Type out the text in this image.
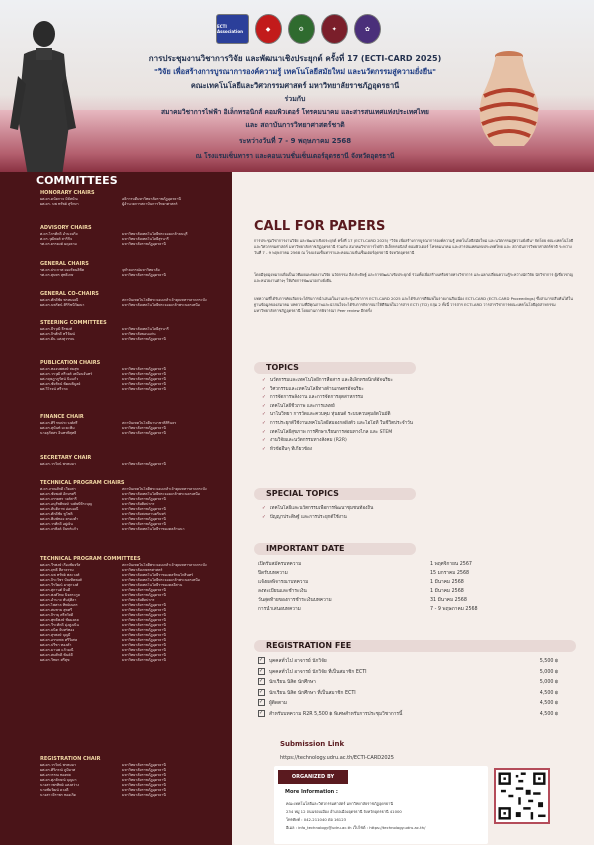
ECTI Association	◆	⚙	✦	✿
การประชุมงานวิชาการวิจัย และพัฒนาเชิงประยุกต์ ครั้งที่ 17 (ECTI-CARD 2025)
"วิจัย เพื่อสร้างการบูรณาการองค์ความรู้ เทคโนโลยีสมัยใหม่ และนวัตกรรมสู่ความยั่งยืน"
คณะเทคโนโลยีและวิศวกรรมศาสตร์ มหาวิทยาลัยราชภัฏอุดรธานี
ร่วมกับ
สมาคมวิชาการไฟฟ้า อิเล็กทรอนิกส์ คอมพิวเตอร์ โทรคมนาคม และสารสนเทศแห่งประเทศไทย
และ สถาบันการวิทยาศาสตร์ชาติ
ระหว่างวันที่ 7 - 9 พฤษภาคม 2568
ณ โรงแรมเซ็นทารา และคอนเวนชั่นเซ็นเตอร์อุดรธานี จังหวัดอุดรธานี
COMMITTEES
HONORARY CHAIRS
ผศ.ดร.ดนัยกาจ มิลัสบัณ	อธิการบดีมหาวิทยาลัยราชภัฏอุดรธานี
ผศ.ดร. นพ ทรัพย์ สุรักษา	ผู้อำนวยการสถาบันการวิทยาศาสตร์
ADVISORY CHAIRS
ศ.ดร.ไกรศักดิ์ อำนวยกิจ	มหาวิทยาลัยเทคโนโลยีพระจอมเกล้าธนบุรี
ศ.ดร.วุฒิพงศ์ สาริกิจ	มหาวิทยาลัยเทคโนโลยีสุรนารี
รศ.ดร.ยรรยงค์ ผดุงธาม	มหาวิทยาลัยราชภัฏอุดรธานี
GENERAL CHAIRS
รศ.ดร.ประกาศ ยองรัตนลิขิต	จุฬาลงกรณ์มหาวิทยาลัย
รศ.ดร.สุนทร สุทธิเกษ	มหาวิทยาลัยราชภัฏอุดรธานี
GENERAL CO-CHAIRS
ผศ.ดร.ศักดิ์ชัย พรหมมณี	สถาบันเทคโนโลยีพระจอมเกล้าเจ้าคุณทหารลาดกระบัง
ผศ.ดร.นพรัตน์ ศิริรัชนีวัฒนา	มหาวิทยาลัยเทคโนโลยีพระจอมเกล้าพระนครเหนือ
STEERING COMMITTEES
ผศ.ดร.ธีรวุฒิ ธีรพงศ์	มหาวิทยาลัยเทคโนโลยีสุรนารี
ผศ.ดร.จิรศักดิ์ ทวีวัฒน์	มหาวิทยาลัยขอนแก่น
ผศ.ดร.ยัน แสงสุวรรณ	มหาวิทยาลัยราชภัฏอุดรธานี
PUBLICATION CHAIRS
ผศ.ดร.ทองนพพงษ์ สมสุข	มหาวิทยาลัยราชภัฏอุดรธานี
ผศ.ดร.วรวุฒิ ศรีวงศ์ เหมือนจันทร์	มหาวิทยาลัยราชภัฏอุดรธานี
ผศ.กฤษฎาภูรัตน์ นิ่มแก้ว	มหาวิทยาลัยราชภัฏอุดรธานี
ผศ.ดร.ชัยรัตน์ พัฒนพิบูลย์	มหาวิทยาลัยราชภัฏอุดรธานี
ผศ.วิโรจน์ ศรีวาด	มหาวิทยาลัยราชภัฏอุดรธานี
FINANCE CHAIR
ผศ.ดร.ศิริ ทบประวงค์ศรี	สถาบันเทคโนโลยีนานาชาติสิรินธร
ผศ.ดร.สุนันท์ มะยะพิม	มหาวิทยาลัยราชภัฏอุดรธานี
นางสุภัสสร อินทรพิสุทธิ์	มหาวิทยาลัยราชภัฏอุดรธานี
SECRETARY CHAIR
ผศ.ดร.วรวัจน์ พรหมมา	มหาวิทยาลัยราชภัฏอุดรธานี
TECHNICAL PROGRAM CHAIRS
ศ.ดร.ภรณศักดิ์ เวียงสา	สถาบันเทคโนโลยีพระจอมเกล้าเจ้าคุณทหารลาดกระบัง
ผศ.ดร.ชัยพงศ์ อักษรศรี	มหาวิทยาลัยเทคโนโลยีพระจอมเกล้าพระนครเหนือ
ผศ.ดร.จรรยพร วงศ์สารี	มหาวิทยาลัยราชภัฏอุดรธานี
ผศ.ดร.อนุรัชติพงษ์ วงศ์ษษิจิระบุญ	มหาวิทยาลัยศิลปากร
ผศ.ดร.สันติภาพ อ่อนมณี	มหาวิทยาลัยราชภัฏอุดรธานี
ผศ.ดร.ศักดิ์ชัย ชูโชติ	มหาวิทยาลัยสงขลานครินทร์
ผศ.ดร.พิมพ์ทอง ครองคำ	มหาวิทยาลัยราชภัฏอุดรธานี
ผศ.ดร.วรศักดิ์ อยู่เย็น	มหาวิทยาลัยราชภัฏอุดรธานี
ผศ.ดร.จรพิงค์ จันทร์แก้ว	มหาวิทยาลัยเทคโนโลยีราชมงคลล้านนา
TECHNICAL PROGRAM COMMITTEES
ผศ.ดร.วีรพงษ์ เรืองชัยจรัส	สถาบันเทคโนโลยีพระจอมเกล้าเจ้าคุณทหารลาดกระบัง
ผศ.ดร.ฤทธิ์ สีลาธรรม	มหาวิทยาลัยเกษตรศาสตร์
ผศ.ดร.นพ ทรัพย์ พละวงศ์	มหาวิทยาลัยเทคโนโลยีราชมงคลรัตนโกสินทร์
ผศ.ดร.จิระวัชร บัณฑิตพงศ์	มหาวิทยาลัยเทคโนโลยีพระจอมเกล้าพระนครเหนือ
ผศ.ดร.วีรวัฒน์ ผาสุกวงศ์	มหาวิทยาลัยเทคโนโลยีราชมงคลอีสาน
ผศ.ดร.สุกานต์ ยินดี	มหาวิทยาลัยราชภัฏอุดรธานี
ผศ.ดร.พงศ์ไทย นิจตระกูล	มหาวิทยาลัยราชภัฏอุดรธานี
ผศ.ดร.อำนาจ พันธุ์ศิลา	มหาวิทยาลัยศิลปากร
ผศ.ดร.ไพศาล ทิพย์เนตร	มหาวิทยาลัยราชภัฏอุดรธานี
ผศ.ดร.สมชาย สุขศรี	มหาวิทยาลัยราชภัฏอุดรธานี
ผศ.ดร.จิรายุ ศรีสวัสดิ์	มหาวิทยาลัยราชภัฏอุดรธานี
ผศ.ดร.พุทธิพงษ์ ชัยมงคล	มหาวิทยาลัยราชภัฏอุดรธานี
ผศ.ดร.วีระศักดิ์ มุ่งสูงเนิน	มหาวิทยาลัยราชภัฏอุดรธานี
ผศ.ดร.ธนิต จันทร์ทอง	มหาวิทยาลัยราชภัฏอุดรธานี
ผศ.ดร.สุรพงษ์ บุญมี	มหาวิทยาลัยราชภัฏอุดรธานี
ผศ.ดร.อรรถพล ศรีวิเศษ	มหาวิทยาลัยราชภัฏอุดรธานี
ผศ.ดร.ปรีชา ทองคำ	มหาวิทยาลัยราชภัฏอุดรธานี
ผศ.ดร.มานพ แก้วมณี	มหาวิทยาลัยราชภัฏอุดรธานี
ผศ.ดร.สมศักดิ์ พันธ์ดี	มหาวิทยาลัยราชภัฏอุดรธานี
ผศ.ดร.วิทยา ศรีสุข	มหาวิทยาลัยราชภัฏอุดรธานี
REGISTRATION CHAIR
ผศ.ดร.วรวัจน์ พรหมมา	มหาวิทยาลัยราชภัฏอุดรธานี
ผศ.ดร.ศิริภรณ์ ภูมิมาศ	มหาวิทยาลัยราชภัฏอุดรธานี
ผศ.อรวรรณ ทองพล	มหาวิทยาลัยราชภัฏอุดรธานี
ผศ.ดร.ศุภลักษณ์ บุญมา	มหาวิทยาลัยราชภัฏอุดรธานี
นางสาวพรทิพย์ แสงสว่าง	มหาวิทยาลัยราชภัฏอุดรธานี
นายชัยวัฒน์ ดวงดี	มหาวิทยาลัยราชภัฏอุดรธานี
นางสาวจิราพร ทองเกิด	มหาวิทยาลัยราชภัฏอุดรธานี
CALL FOR PAPERS
การประชุมวิชาการงานวิจัย และพัฒนาเชิงประยุกต์ ครั้งที่ 17 (ECTI-CARD 2025) "วิจัย เพื่อสร้างการบูรณาการองค์ความรู้ เทคโนโลยีสมัยใหม่ และนวัตกรรมสู่ความยั่งยืน" จัดโดย คณะเทคโนโลยีและวิศวกรรมศาสตร์ มหาวิทยาลัยราชภัฏอุดรธานี ร่วมกับ สมาคมวิชาการไฟฟ้า อิเล็กทรอนิกส์ คอมพิวเตอร์ โทรคมนาคม และสารสนเทศแห่งประเทศไทย และ สถาบันการวิทยาศาสตร์ชาติ ระหว่างวันที่ 7 - 9 พฤษภาคม 2568 ณ โรงแรมเซ็นทาราและคอนเวนชั่นเซ็นเตอร์อุดรธานี จังหวัดอุดรธานี
โดยมีจุดมุ่งหมายเพื่อเป็นเวทีเผยแพร่ผลงานวิจัย นวัตกรรม สิ่งประดิษฐ์ และการพัฒนาเชิงประยุกต์ ร่วมทั้งเพื่อสร้างเครือข่ายทางวิชาการ และแลกเปลี่ยนความรู้ระหว่างนักวิจัย นักวิชาการ ผู้เชี่ยวชาญ และหน่วยงานต่างๆ ให้เกิดการพัฒนาอย่างยั่งยืน
บทความที่ได้รับการคัดเลือกจะได้รับการนำเสนอในงานประชุมวิชาการ ECTI-CARD 2025 และได้รับการตีพิมพ์ในรายงานสืบเนื่อง ECTI-CARD (ECTI-CARD Proceedings) ซึ่งสามารถสืบค้นได้ในฐานข้อมูลของสมาคม บทความที่มีคุณภาพและน่าสนใจจะได้รับการพิจารณาให้ตีพิมพ์ในวารสาร ECTI (TCI) กลุ่ม 2 ทั้งนี้ วารสาร ECTI-ARD วารสารวิชาการคณะเทคโนโลยีอุตสาหกรรม มหาวิทยาลัยราชภัฏอุดรธานี โดยผ่านการพิจารณา Peer review อีกครั้ง
TOPICS
✓ นวัตกรรมและเทคโนโลยีการสื่อสาร และอิเล็กทรอนิกส์อัจฉริยะ
✓ วิศวกรรมและเทคโนโลยีทางด้านเกษตรอัจฉริยะ
✓ การจัดการพลังงาน และการจัดการอุตสาหกรรม
✓ เทคโนโลยีชีวภาพ และการแพทย์
✓ นาโนวิทยา การวัดและควบคุม หุ่นยนต์ ระบบควบคุมอัตโนมัติ
✓ การประยุกต์ใช้งานเทคโนโลยีสมองกลฝังตัว และไอโอที ในชีวิตประจำวัน
✓ เทคโนโลยีสุขภาพ การศึกษาเรียนการสอนทางไกล และ STEM
✓ งานวิจัยและนวัตกรรมทางสังคม (R2R)
✓ หัวข้ออื่นๆ ที่เกี่ยวข้อง
SPECIAL TOPICS
✓ เทคโนโลยีและนวัตกรรมเพื่อการพัฒนาชุมชนท้องถิ่น
✓ ปัญญาประดิษฐ์ และการประยุกต์ใช้งาน
IMPORTANT DATE
เปิดรับสมัครบทความ	1 พฤศจิกายน 2567
ปิดรับบทความ	15 มกราคม 2568
แจ้งผลพิจารณาบทความ	1 มีนาคม 2568
ลงทะเบียนและชำระเงิน	1 มีนาคม 2568
วันสุดท้ายของการชำระเงินบทความ	31 มีนาคม 2568
การนำเสนอบทความ	7 - 9 พฤษภาคม 2568
REGISTRATION FEE
✓ บุคคลทั่วไป อาจารย์ นักวิจัย	5,500 ฿
✓ บุคคลทั่วไป อาจารย์ นักวิจัย ที่เป็นสมาชิก ECTI	5,000 ฿
✓ นักเรียน นิสิต นักศึกษา	5,000 ฿
✓ นักเรียน นิสิต นักศึกษา ที่เป็นสมาชิก ECTI	4,500 ฿
✓ ผู้ติดตาม	4,500 ฿
✓ สำหรับบทความ R2R 5,500 ฿ พิเศษสำหรับการประชุมวิชาการนี้	4,500 ฿
Submission Link
https://technology.udru.ac.th/ECTI-CARD2025
ORGANIZED BY
More Information :
คณะเทคโนโลยีและวิศวกรรมศาสตร์ มหาวิทยาลัยราชภัฏอุดรธานี
234 หมู่ 12 ถนนรอบเมือง อำเภอเมืองอุดรธานี จังหวัดอุดรธานี 41000
โทรศัพท์ : 042-211040 ต่อ 16123
อีเมล : info_technology@udru.ac.th เว็บไซต์ : https://technology.udru.ac.th/
